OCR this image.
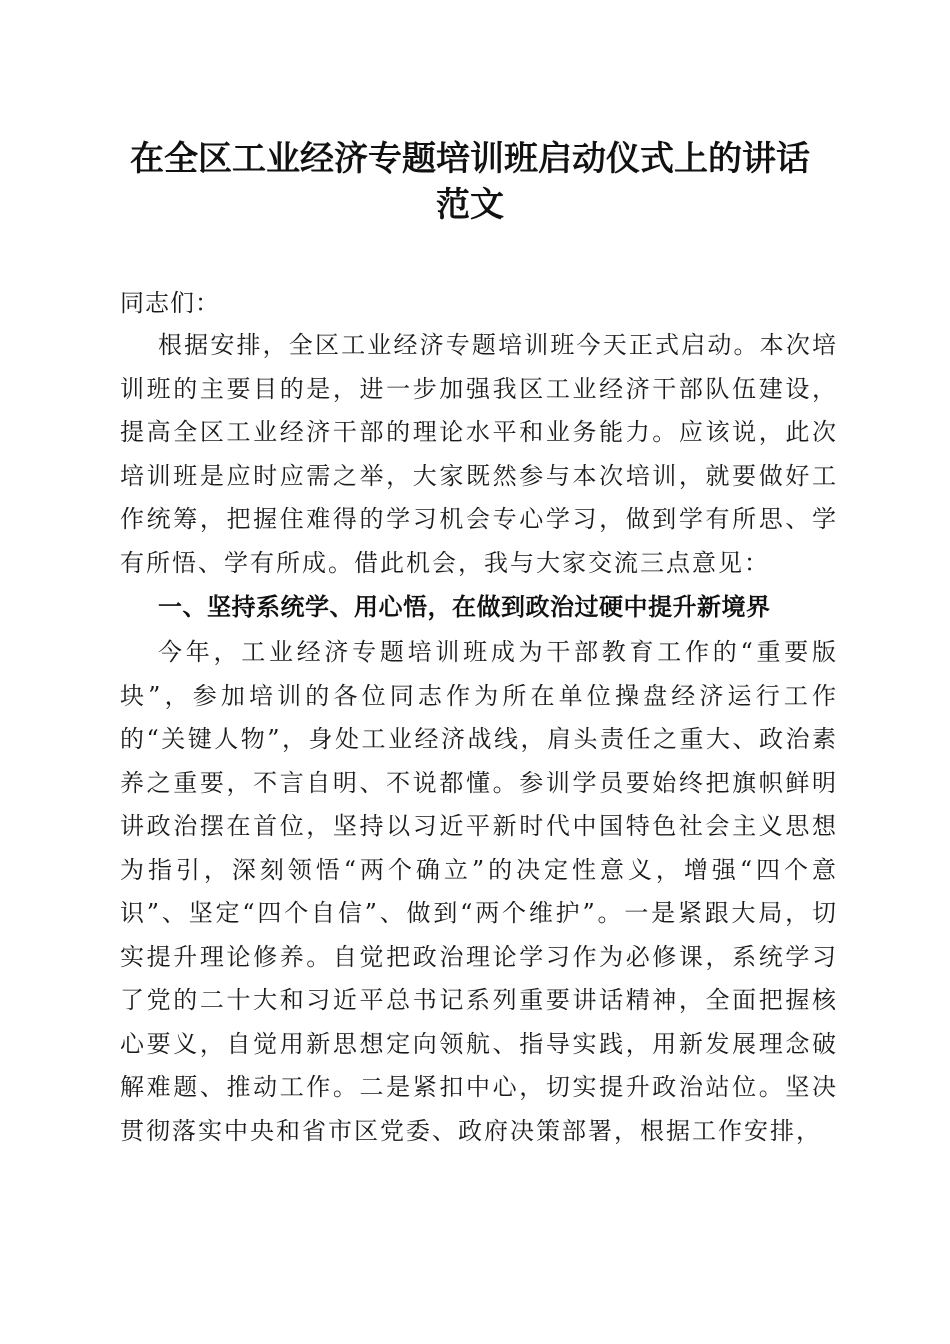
在全区工业经济专题培训班启动仪式上的讲话
范文

同志们：

根据安排，全区工业经济专题培训班今天正式启动。本次培训班的主要目的是，进一步加强我区工业经济干部队伍建设，提高全区工业经济干部的理论水平和业务能力。应该说，此次培训班是应时应需之举，大家既然参与本次培训，就要做好工作统筹，把握住难得的学习机会专心学习，做到学有所思、学有所悟、学有所成。借此机会，我与大家交流三点意见：

一、坚持系统学、用心悟，在做到政治过硬中提升新境界

今年，工业经济专题培训班成为干部教育工作的“重要版块”，参加培训的各位同志作为所在单位操盘经济运行工作的“关键人物”，身处工业经济战线，肩头责任之重大、政治素养之重要，不言自明、不说都懂。参训学员要始终把旗帜鲜明讲政治摆在首位，坚持以习近平新时代中国特色社会主义思想为指引，深刻领悟“两个确立”的决定性意义，增强“四个意识”、坚定“四个自信”、做到“两个维护”。一是紧跟大局，切实提升理论修养。自觉把政治理论学习作为必修课，系统学习了党的二十大和习近平总书记系列重要讲话精神，全面把握核心要义，自觉用新思想定向领航、指导实践，用新发展理念破解难题、推动工作。二是紧扣中心，切实提升政治站位。坚决贯彻落实中央和省市区党委、政府决策部署，根据工作安排，
